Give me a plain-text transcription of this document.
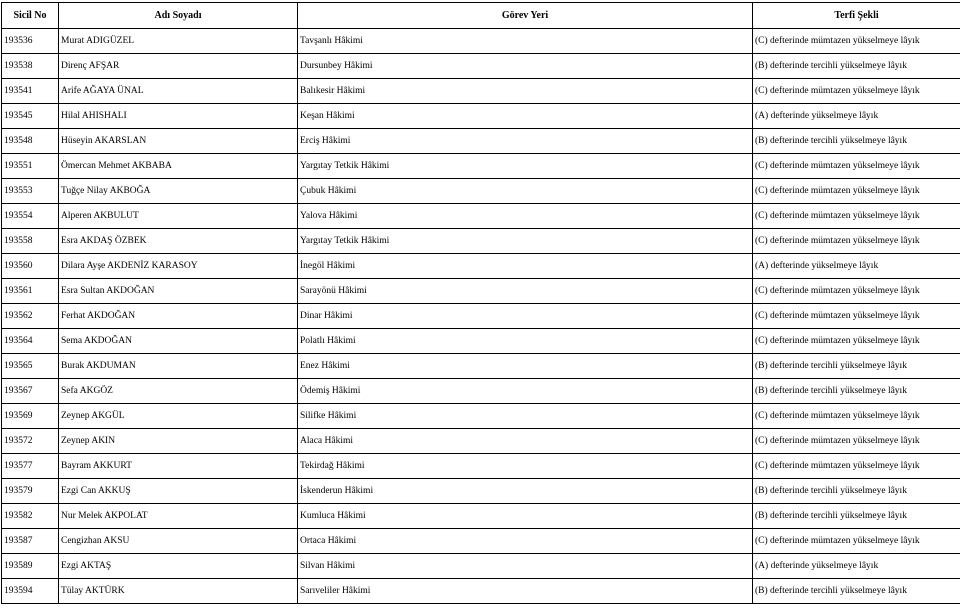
Sicil No	Adı Soyadı	Görev Yeri	Terfi Şekli
193536	Murat ADIGÜZEL	Tavşanlı Hâkimi	(C) defterinde mümtazen yükselmeye lâyık
193538	Direnç AFŞAR	Dursunbey Hâkimi	(B) defterinde tercihli yükselmeye lâyık
193541	Arife AĞAYA ÜNAL	Balıkesir Hâkimi	(C) defterinde mümtazen yükselmeye lâyık
193545	Hilal AHISHALI	Keşan Hâkimi	(A) defterinde yükselmeye lâyık
193548	Hüseyin AKARSLAN	Erciş Hâkimi	(B) defterinde tercihli yükselmeye lâyık
193551	Ömercan Mehmet AKBABA	Yargıtay Tetkik Hâkimi	(C) defterinde mümtazen yükselmeye lâyık
193553	Tuğçe Nilay AKBOĞA	Çubuk Hâkimi	(C) defterinde mümtazen yükselmeye lâyık
193554	Alperen AKBULUT	Yalova Hâkimi	(C) defterinde mümtazen yükselmeye lâyık
193558	Esra AKDAŞ ÖZBEK	Yargıtay Tetkik Hâkimi	(C) defterinde mümtazen yükselmeye lâyık
193560	Dilara Ayşe AKDENİZ KARASOY	İnegöl Hâkimi	(A) defterinde yükselmeye lâyık
193561	Esra Sultan AKDOĞAN	Sarayönü Hâkimi	(C) defterinde mümtazen yükselmeye lâyık
193562	Ferhat AKDOĞAN	Dinar Hâkimi	(C) defterinde mümtazen yükselmeye lâyık
193564	Sema AKDOĞAN	Polatlı Hâkimi	(C) defterinde mümtazen yükselmeye lâyık
193565	Burak AKDUMAN	Enez Hâkimi	(B) defterinde tercihli yükselmeye lâyık
193567	Sefa AKGÖZ	Ödemiş Hâkimi	(B) defterinde tercihli yükselmeye lâyık
193569	Zeynep AKGÜL	Silifke Hâkimi	(C) defterinde mümtazen yükselmeye lâyık
193572	Zeynep AKIN	Alaca Hâkimi	(C) defterinde mümtazen yükselmeye lâyık
193577	Bayram AKKURT	Tekirdağ Hâkimi	(C) defterinde mümtazen yükselmeye lâyık
193579	Ezgi Can AKKUŞ	İskenderun Hâkimi	(B) defterinde tercihli yükselmeye lâyık
193582	Nur Melek AKPOLAT	Kumluca Hâkimi	(B) defterinde tercihli yükselmeye lâyık
193587	Cengizhan AKSU	Ortaca Hâkimi	(C) defterinde mümtazen yükselmeye lâyık
193589	Ezgi AKTAŞ	Silvan Hâkimi	(A) defterinde yükselmeye lâyık
193594	Tülay AKTÜRK	Sarıveliler Hâkimi	(B) defterinde tercihli yükselmeye lâyık
